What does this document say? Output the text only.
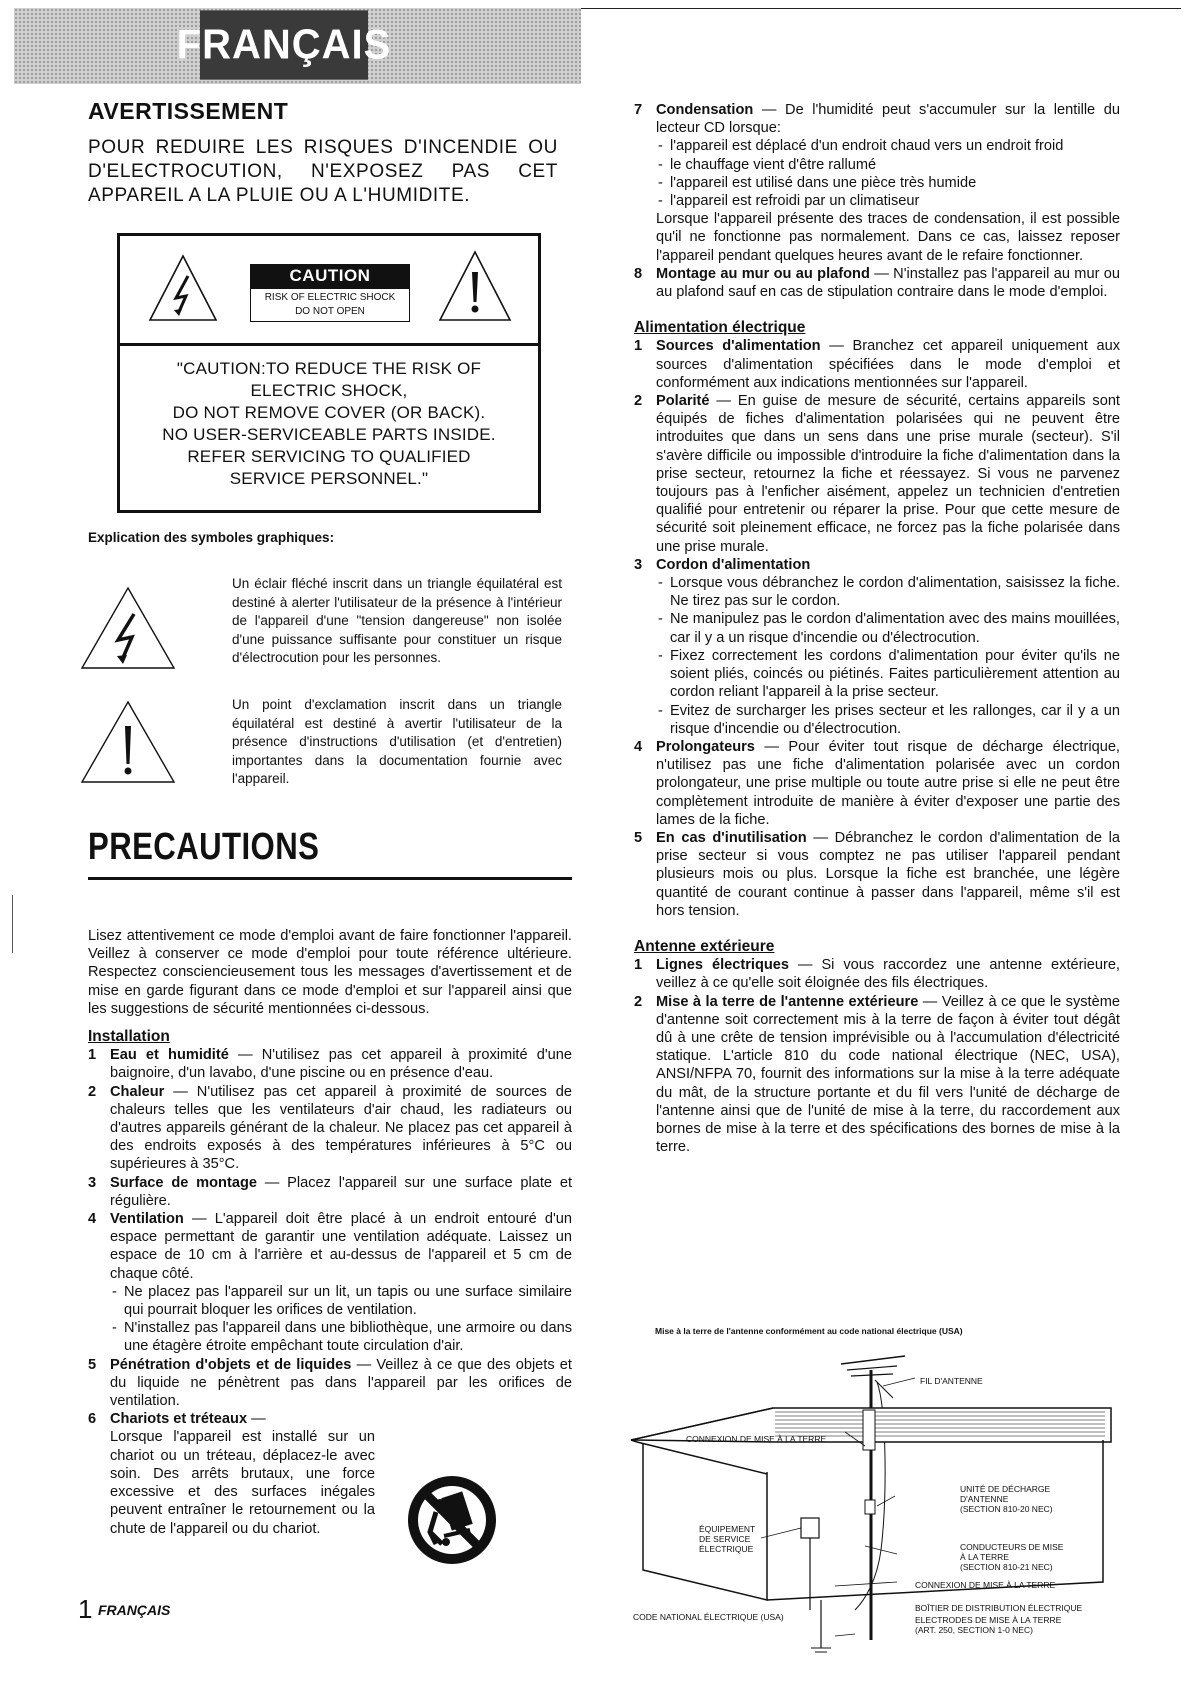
FRANÇAIS
AVERTISSEMENT

POUR REDUIRE LES RISQUES D'INCENDIE OU D'ELECTROCUTION, N'EXPOSEZ PAS CET APPAREIL A LA PLUIE OU A L'HUMIDITE.

CAUTION
RISK OF ELECTRIC SHOCK
DO NOT OPEN
"CAUTION:TO REDUCE THE RISK OF
ELECTRIC SHOCK,
DO NOT REMOVE COVER (OR BACK).
NO USER-SERVICEABLE PARTS INSIDE.
REFER SERVICING TO QUALIFIED
SERVICE PERSONNEL."
Explication des symboles graphiques:

Un éclair fléché inscrit dans un triangle équilatéral est destiné à alerter l'utilisateur de la présence à l'intérieur de l'appareil d'une "tension dangereuse" non isolée d'une puissance suffisante pour constituer un risque d'électrocution pour les personnes.

Un point d'exclamation inscrit dans un triangle équilatéral est destiné à avertir l'utilisateur de la présence d'instructions d'utilisation (et d'entretien) importantes dans la documentation fournie avec l'appareil.

PRECAUTIONS

Lisez attentivement ce mode d'emploi avant de faire fonctionner l'appareil. Veillez à conserver ce mode d'emploi pour toute référence ultérieure. Respectez consciencieusement tous les messages d'avertissement et de mise en garde figurant dans ce mode d'emploi et sur l'appareil ainsi que les suggestions de sécurité mentionnées ci-dessous.

Installation

1 Eau et humidité — N'utilisez pas cet appareil à proximité d'une baignoire, d'un lavabo, d'une piscine ou en présence d'eau.
2 Chaleur — N'utilisez pas cet appareil à proximité de sources de chaleurs telles que les ventilateurs d'air chaud, les radiateurs ou d'autres appareils générant de la chaleur. Ne placez pas cet appareil à des endroits exposés à des températures inférieures à 5°C ou supérieures à 35°C.
3 Surface de montage — Placez l'appareil sur une surface plate et régulière.
4 Ventilation — L'appareil doit être placé à un endroit entouré d'un espace permettant de garantir une ventilation adéquate. Laissez un espace de 10 cm à l'arrière et au-dessus de l'appareil et 5 cm de chaque côté.
- Ne placez pas l'appareil sur un lit, un tapis ou une surface similaire qui pourrait bloquer les orifices de ventilation.
- N'installez pas l'appareil dans une bibliothèque, une armoire ou dans une étagère étroite empêchant toute circulation d'air.
5 Pénétration d'objets et de liquides — Veillez à ce que des objets et du liquide ne pénètrent pas dans l'appareil par les orifices de ventilation.
6 Chariots et tréteaux —

Lorsque l'appareil est installé sur un chariot ou un tréteau, déplacez-le avec soin. Des arrêts brutaux, une force excessive et des surfaces inégales peuvent entraîner le retournement ou la chute de l'appareil ou du chariot.

1 FRANÇAIS
7 Condensation — De l'humidité peut s'accumuler sur la lentille du lecteur CD lorsque:
- l'appareil est déplacé d'un endroit chaud vers un endroit froid
- le chauffage vient d'être rallumé
- l'appareil est utilisé dans une pièce très humide
- l'appareil est refroidi par un climatiseur

Lorsque l'appareil présente des traces de condensation, il est possible qu'il ne fonctionne pas normalement. Dans ce cas, laissez reposer l'appareil pendant quelques heures avant de le refaire fonctionner.

8 Montage au mur ou au plafond — N'installez pas l'appareil au mur ou au plafond sauf en cas de stipulation contraire dans le mode d'emploi.

Alimentation électrique

1 Sources d'alimentation — Branchez cet appareil uniquement aux sources d'alimentation spécifiées dans le mode d'emploi et conformément aux indications mentionnées sur l'appareil.
2 Polarité — En guise de mesure de sécurité, certains appareils sont équipés de fiches d'alimentation polarisées qui ne peuvent être introduites que dans un sens dans une prise murale (secteur). S'il s'avère difficile ou impossible d'introduire la fiche d'alimentation dans la prise secteur, retournez la fiche et réessayez. Si vous ne parvenez toujours pas à l'enficher aisément, appelez un technicien d'entretien qualifié pour entretenir ou réparer la prise. Pour que cette mesure de sécurité soit pleinement efficace, ne forcez pas la fiche polarisée dans une prise murale.
3 Cordon d'alimentation
- Lorsque vous débranchez le cordon d'alimentation, saisissez la fiche. Ne tirez pas sur le cordon.
- Ne manipulez pas le cordon d'alimentation avec des mains mouillées, car il y a un risque d'incendie ou d'électrocution.
- Fixez correctement les cordons d'alimentation pour éviter qu'ils ne soient pliés, coincés ou piétinés. Faites particulièrement attention au cordon reliant l'appareil à la prise secteur.
- Evitez de surcharger les prises secteur et les rallonges, car il y a un risque d'incendie ou d'électrocution.
4 Prolongateurs — Pour éviter tout risque de décharge électrique, n'utilisez pas une fiche d'alimentation polarisée avec un cordon prolongateur, une prise multiple ou toute autre prise si elle ne peut être complètement introduite de manière à éviter d'exposer une partie des lames de la fiche.
5 En cas d'inutilisation — Débranchez le cordon d'alimentation de la prise secteur si vous comptez ne pas utiliser l'appareil pendant plusieurs mois ou plus. Lorsque la fiche est branchée, une légère quantité de courant continue à passer dans l'appareil, même s'il est hors tension.

Antenne extérieure

1 Lignes électriques — Si vous raccordez une antenne extérieure, veillez à ce qu'elle soit éloignée des fils électriques.
2 Mise à la terre de l'antenne extérieure — Veillez à ce que le système d'antenne soit correctement mis à la terre de façon à éviter tout dégât dû à une crête de tension imprévisible ou à l'accumulation d'électricité statique. L'article 810 du code national électrique (NEC, USA), ANSI/NFPA 70, fournit des informations sur la mise à la terre adéquate du mât, de la structure portante et du fil vers l'unité de décharge de l'antenne ainsi que de l'unité de mise à la terre, du raccordement aux bornes de mise à la terre et des spécifications des bornes de mise à la terre.
Mise à la terre de l'antenne conformément au code national électrique (USA)
FIL D'ANTENNE
CONNEXION DE MISE À LA TERRE
UNITÉ DE DÉCHARGE
D'ANTENNE
(SECTION 810-20 NEC)
ÉQUIPEMENT
DE SERVICE
ÉLECTRIQUE	CONDUCTEURS DE MISE
À LA TERRE
(SECTION 810-21 NEC)
CONNEXION DE MISE À LA TERRE
CODE NATIONAL ÉLECTRIQUE (USA)
BOÎTIER DE DISTRIBUTION ÉLECTRIQUE
ELECTRODES DE MISE À LA TERRE
(ART. 250, SECTION 1-0 NEC)
